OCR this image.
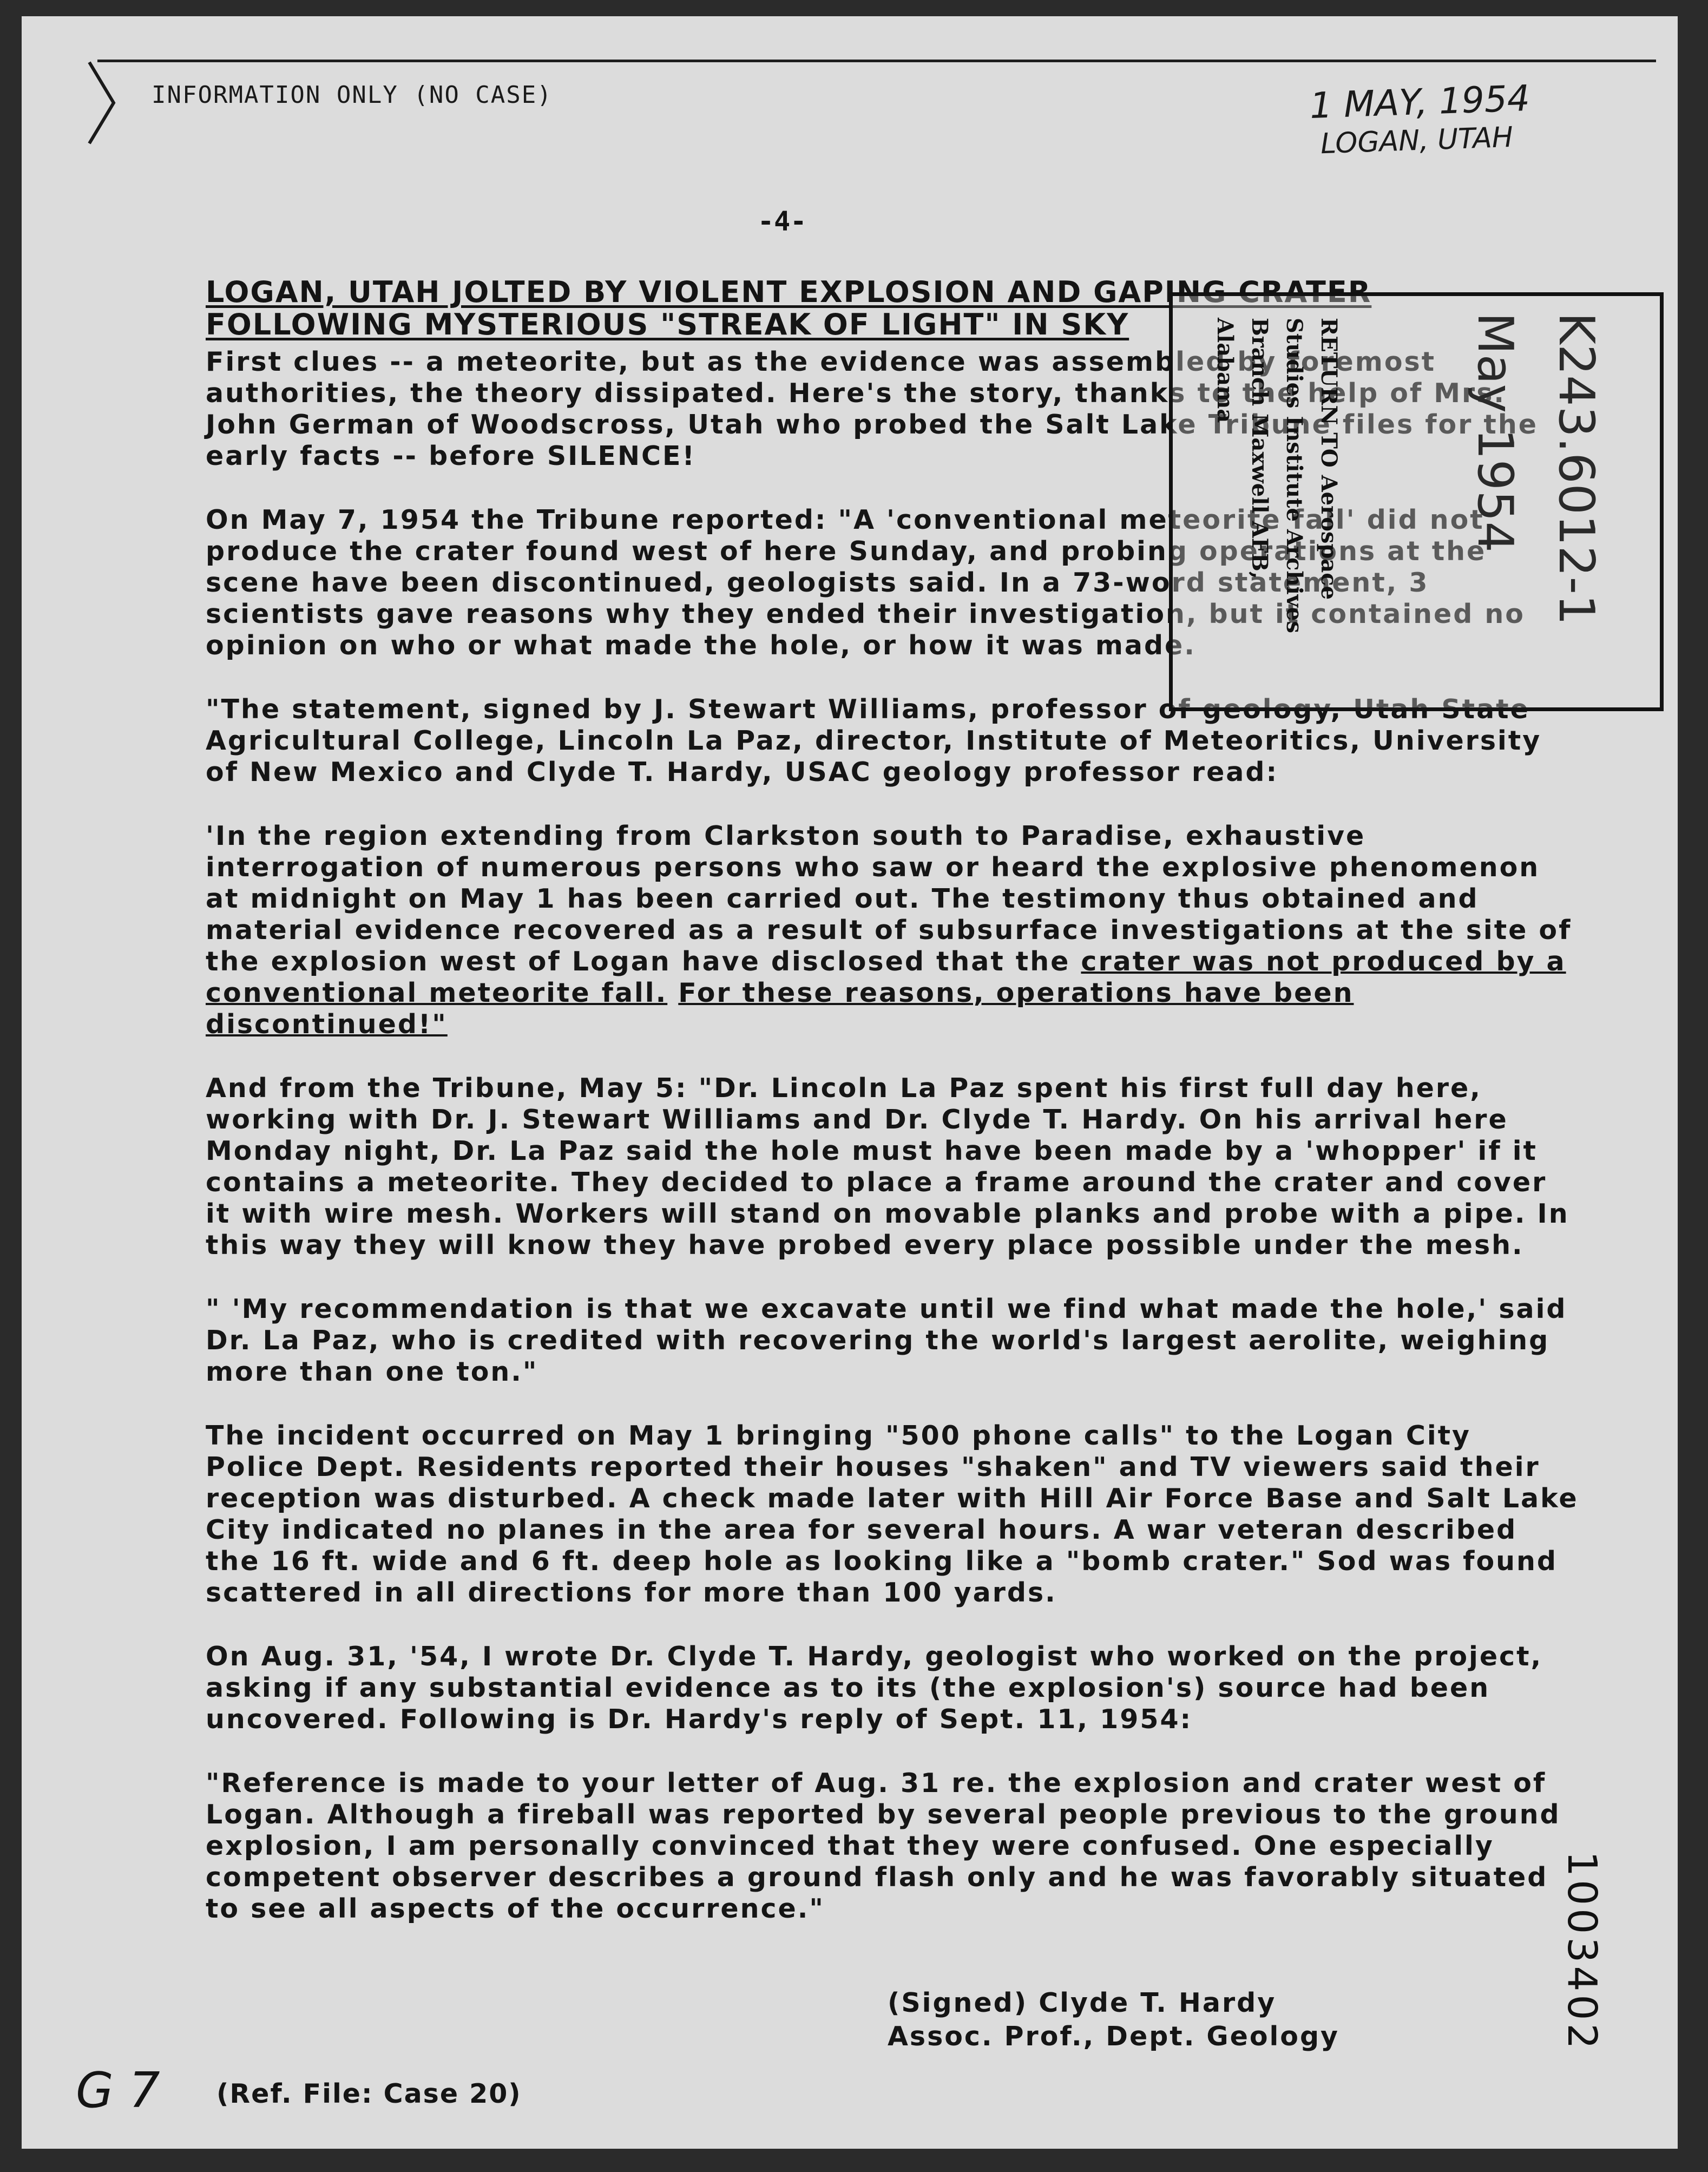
INFORMATION ONLY (NO CASE)	1 MAY, 1954
LOGAN, UTAH
-4-
LOGAN, UTAH JOLTED BY VIOLENT EXPLOSION AND GAPING CRATER
FOLLOWING MYSTERIOUS "STREAK OF LIGHT" IN SKY

First clues -- a meteorite, but as the evidence was assembled by foremost authorities, the theory dissipated. Here's the story, thanks to the help of Mrs. John German of Woodscross, Utah who probed the Salt Lake Tribune files for the early facts -- before SILENCE!

On May 7, 1954 the Tribune reported: "A 'conventional meteorite fall' did not produce the crater found west of here Sunday, and probing operations at the scene have been discontinued, geologists said. In a 73-word statement, 3 scientists gave reasons why they ended their investigation, but it contained no opinion on who or what made the hole, or how it was made.

"The statement, signed by J. Stewart Williams, professor of geology, Utah State Agricultural College, Lincoln La Paz, director, Institute of Meteoritics, University of New Mexico and Clyde T. Hardy, USAC geology professor read:

'In the region extending from Clarkston south to Paradise, exhaustive interrogation of numerous persons who saw or heard the explosive phenomenon at midnight on May 1 has been carried out. The testimony thus obtained and material evidence recovered as a result of subsurface investigations at the site of the explosion west of Logan have disclosed that the crater was not produced by a conventional meteorite fall. For these reasons, operations have been discontinued!"

And from the Tribune, May 5: "Dr. Lincoln La Paz spent his first full day here, working with Dr. J. Stewart Williams and Dr. Clyde T. Hardy. On his arrival here Monday night, Dr. La Paz said the hole must have been made by a 'whopper' if it contains a meteorite. They decided to place a frame around the crater and cover it with wire mesh. Workers will stand on movable planks and probe with a pipe. In this way they will know they have probed every place possible under the mesh.

" 'My recommendation is that we excavate until we find what made the hole,' said Dr. La Paz, who is credited with recovering the world's largest aerolite, weighing more than one ton."

The incident occurred on May 1 bringing "500 phone calls" to the Logan City Police Dept. Residents reported their houses "shaken" and TV viewers said their reception was disturbed. A check made later with Hill Air Force Base and Salt Lake City indicated no planes in the area for several hours. A war veteran described the 16 ft. wide and 6 ft. deep hole as looking like a "bomb crater." Sod was found scattered in all directions for more than 100 yards.

On Aug. 31, '54, I wrote Dr. Clyde T. Hardy, geologist who worked on the project, asking if any substantial evidence as to its (the explosion's) source had been uncovered. Following is Dr. Hardy's reply of Sept. 11, 1954:

"Reference is made to your letter of Aug. 31 re. the explosion and crater west of Logan. Although a fireball was reported by several people previous to the ground explosion, I am personally convinced that they were confused. One especially competent observer describes a ground flash only and he was favorably situated to see all aspects of the occurrence."

RETURN TO Aerospace Studies Institute Archives Branch Maxwell AFB, Alabama	K243.6012-1 May 1954
1003402
(Signed) Clyde T. Hardy
Assoc. Prof., Dept. Geology
G 7 (Ref. File: Case 20)
